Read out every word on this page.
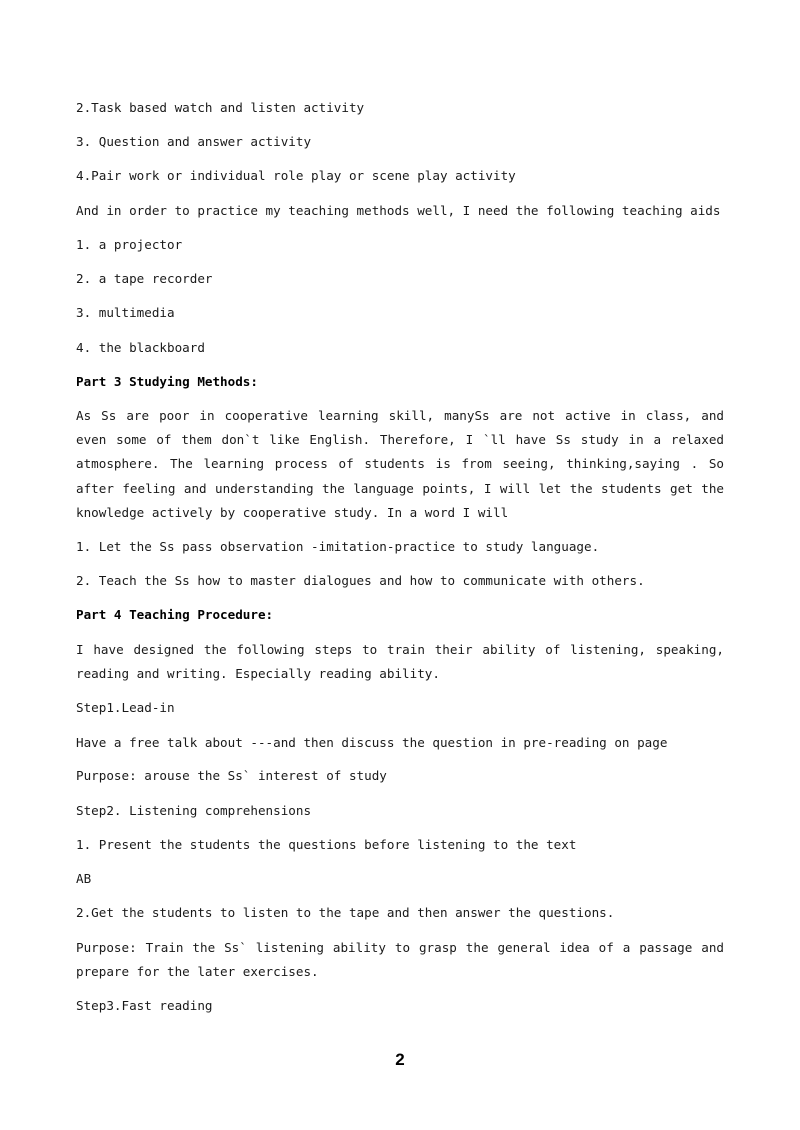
2.Task based watch and listen activity

3. Question and answer activity

4.Pair work or individual role play or scene play activity

And in order to practice my teaching methods well, I need the following teaching aids

1. a projector

2. a tape recorder

3. multimedia

4. the blackboard

Part 3 Studying Methods:

As Ss are poor in cooperative learning skill, manySs are not active in class, and even some of them don`t like English. Therefore, I `ll have Ss study in a relaxed atmosphere. The learning process of students is from seeing, thinking,saying . So after feeling and understanding the language points, I will let the students get the knowledge actively by cooperative study. In a word I will

1. Let the Ss pass observation -imitation-practice to study language.

2. Teach the Ss how to master dialogues and how to communicate with others.

Part 4 Teaching Procedure:

I have designed the following steps to train their ability of listening, speaking, reading and writing. Especially reading ability.

Step1.Lead-in

Have a free talk about ---and then discuss the question in pre-reading on page

Purpose: arouse the Ss` interest of study

Step2. Listening comprehensions

1. Present the students the questions before listening to the text

AB

2.Get the students to listen to the tape and then answer the questions.

Purpose: Train the Ss` listening ability to grasp the general idea of a passage and prepare for the later exercises.

Step3.Fast reading

2
